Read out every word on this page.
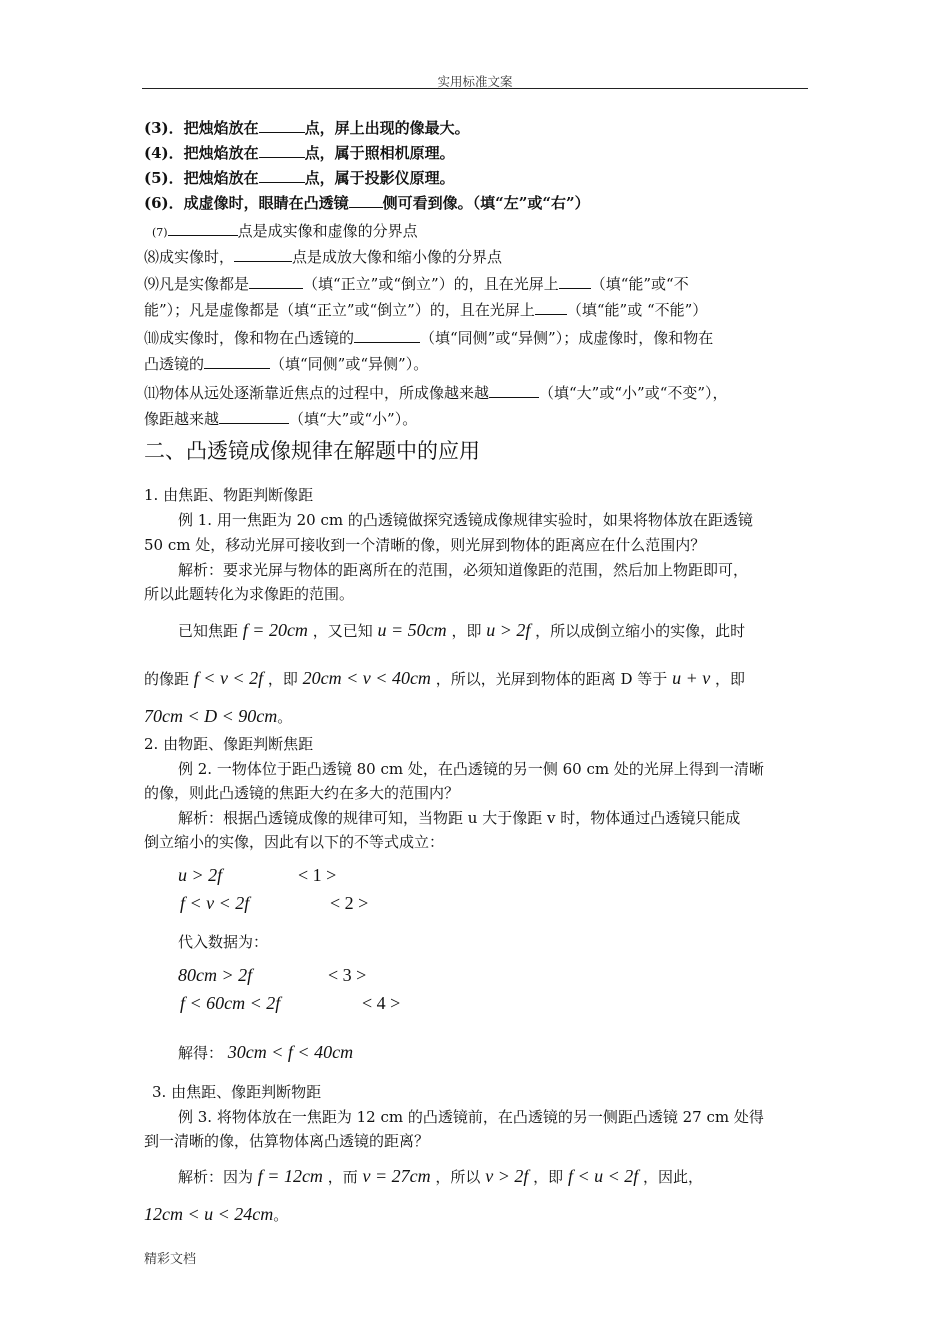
实用标准文案
(3)．把烛焰放在	点，屏上出现的像最大。
(4)．把烛焰放在	点，属于照相机原理。
(5)．把烛焰放在	点，属于投影仪原理。
(6)．成虚像时，眼睛在凸透镜 侧可看到像。（填“左”或“右”）
(7)	点是成实像和虚像的分界点
⑻成实像时，	点是成放大像和缩小像的分界点
⑼凡是实像都是	（填“正立”或“倒立”）的，且在光屏上 （填“能”或“不
能”）；凡是虚像都是（填“正立”或“倒立”）的，且在光屏上 （填“能”或 “不能”）
⑽成实像时，像和物在凸透镜的	（填“同侧”或“异侧”）；成虚像时，像和物在
凸透镜的	（填“同侧”或“异侧”）。
⑾物体从远处逐渐靠近焦点的过程中，所成像越来越	（填“大”或“小”或“不变”），
像距越来越	（填“大”或“小”）。
二、凸透镜成像规律在解题中的应用
1. 由焦距、物距判断像距
例 1. 用一焦距为 20 cm 的凸透镜做探究透镜成像规律实验时，如果将物体放在距透镜
50 cm 处，移动光屏可接收到一个清晰的像，则光屏到物体的距离应在什么范围内？
解析：要求光屏与物体的距离所在的范围，必须知道像距的范围，然后加上物距即可，
所以此题转化为求像距的范围。
已知焦距 f = 20cm ，又已知 u = 50cm ，即 u > 2f ，所以成倒立缩小的实像，此时
的像距 f < v < 2f ，即 20cm < v < 40cm ，所以，光屏到物体的距离 D 等于 u + v ，即
70cm < D < 90cm。
2. 由物距、像距判断焦距
例 2. 一物体位于距凸透镜 80 cm 处，在凸透镜的另一侧 60 cm 处的光屏上得到一清晰
的像，则此凸透镜的焦距大约在多大的范围内？
解析：根据凸透镜成像的规律可知，当物距 u 大于像距 v 时，物体通过凸透镜只能成
倒立缩小的实像，因此有以下的不等式成立：
u > 2f	< 1 >
f < v < 2f	< 2 >
代入数据为：
80cm > 2f	< 3 >
f < 60cm < 2f	< 4 >
解得： 30cm < f < 40cm
3. 由焦距、像距判断物距
例 3. 将物体放在一焦距为 12 cm 的凸透镜前，在凸透镜的另一侧距凸透镜 27 cm 处得
到一清晰的像，估算物体离凸透镜的距离？
解析：因为 f = 12cm ，而 v = 27cm ，所以 v > 2f ，即 f < u < 2f ，因此，
12cm < u < 24cm。
精彩文档
